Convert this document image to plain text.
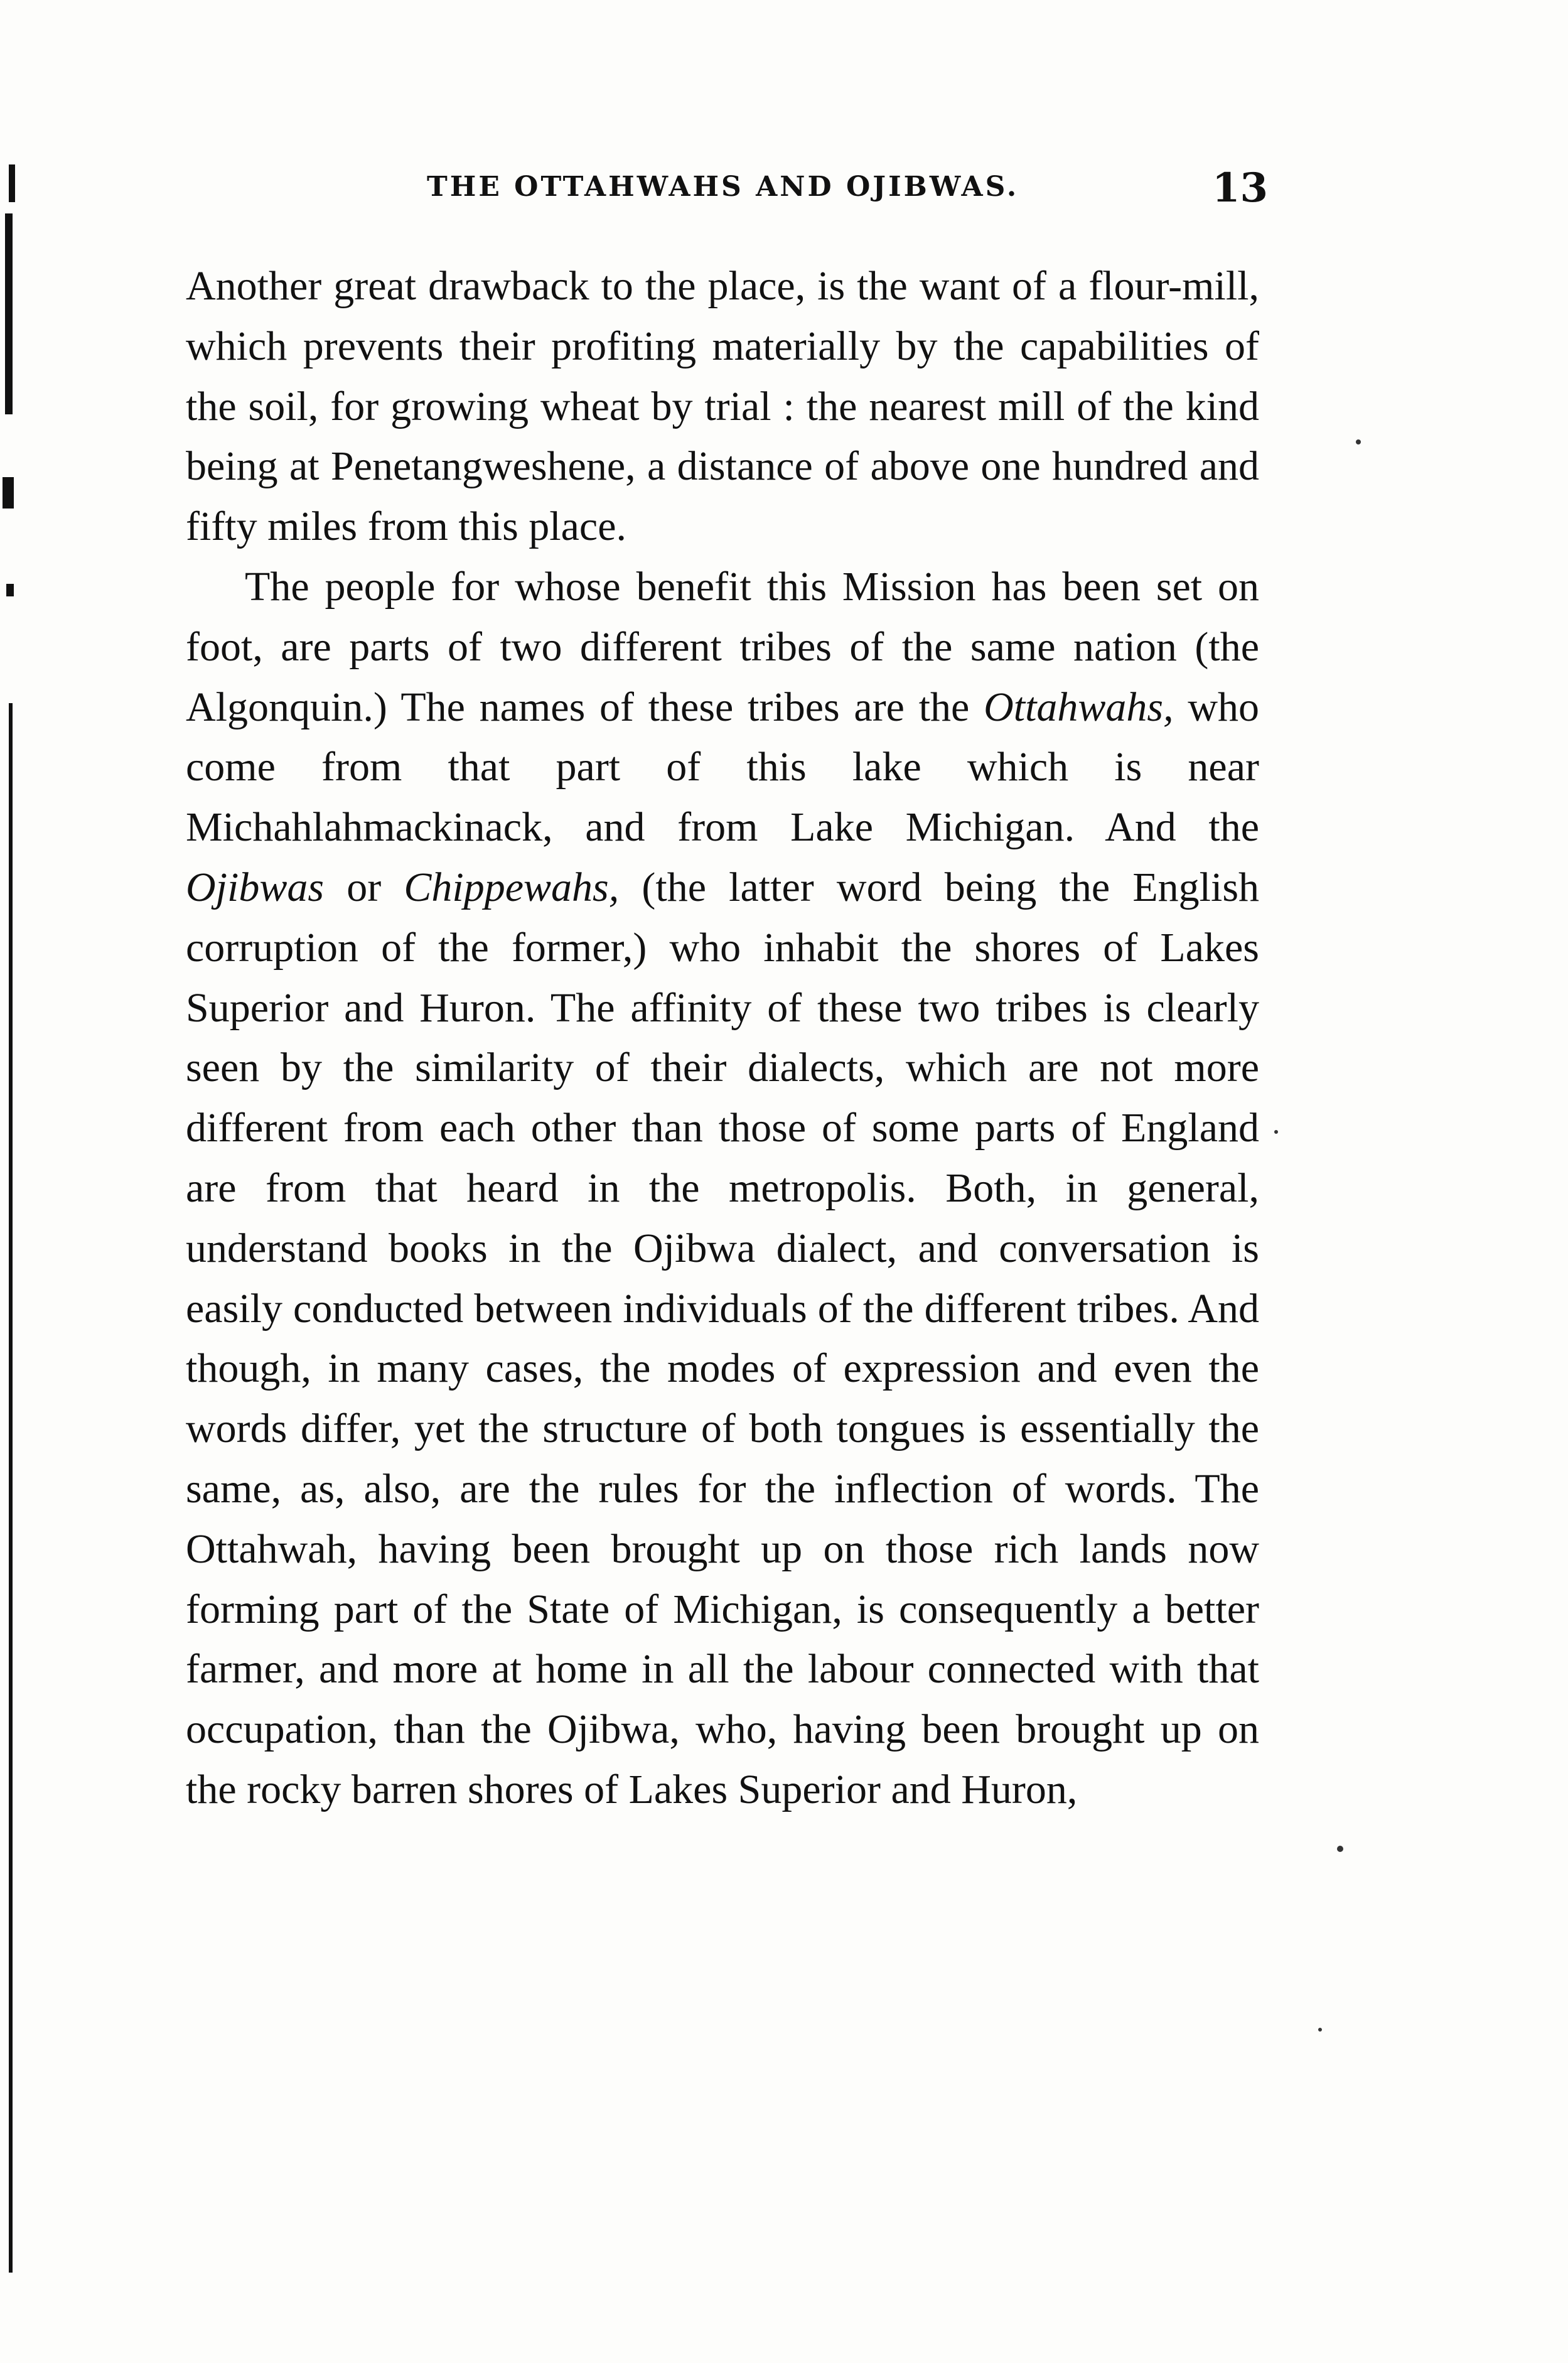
THE OTTAHWAHS AND OJIBWAS.	13

Another great drawback to the place, is the want of a flour-mill, which prevents their profiting materially by the capabilities of the soil, for growing wheat by trial : the nearest mill of the kind being at Penetangweshene, a distance of above one hundred and fifty miles from this place.

The people for whose benefit this Mission has been set on foot, are parts of two different tribes of the same nation (the Algonquin.) The names of these tribes are the Ottahwahs, who come from that part of this lake which is near Michahlahmackinack, and from Lake Michigan. And the Ojibwas or Chippewahs, (the latter word being the English corruption of the former,) who inhabit the shores of Lakes Superior and Huron. The affinity of these two tribes is clearly seen by the similarity of their dialects, which are not more different from each other than those of some parts of England are from that heard in the metropolis. Both, in general, understand books in the Ojibwa dialect, and conversation is easily conducted between individuals of the different tribes. And though, in many cases, the modes of expression and even the words differ, yet the structure of both tongues is essentially the same, as, also, are the rules for the inflection of words. The Ottahwah, having been brought up on those rich lands now forming part of the State of Michigan, is consequently a better farmer, and more at home in all the labour connected with that occupation, than the Ojibwa, who, having been brought up on the rocky barren shores of Lakes Superior and Huron,
